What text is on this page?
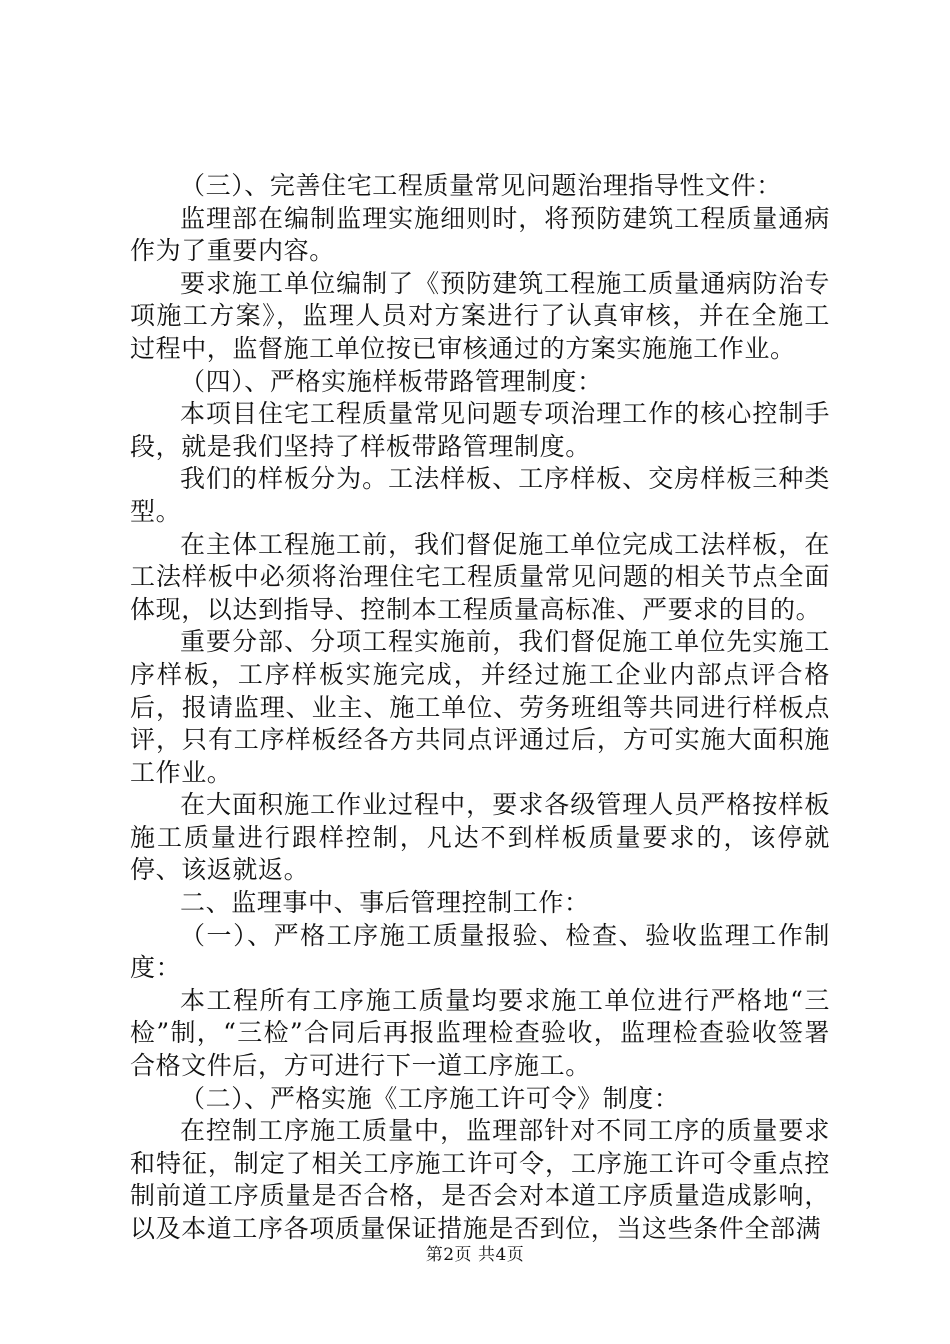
（三）、完善住宅工程质量常见问题治理指导性文件：

监理部在编制监理实施细则时，将预防建筑工程质量通病作为了重要内容。

要求施工单位编制了《预防建筑工程施工质量通病防治专项施工方案》，监理人员对方案进行了认真审核，并在全施工过程中，监督施工单位按已审核通过的方案实施施工作业。

（四）、严格实施样板带路管理制度：

本项目住宅工程质量常见问题专项治理工作的核心控制手段，就是我们坚持了样板带路管理制度。

我们的样板分为。工法样板、工序样板、交房样板三种类型。

在主体工程施工前，我们督促施工单位完成工法样板，在工法样板中必须将治理住宅工程质量常见问题的相关节点全面体现，以达到指导、控制本工程质量高标准、严要求的目的。

重要分部、分项工程实施前，我们督促施工单位先实施工序样板，工序样板实施完成，并经过施工企业内部点评合格后，报请监理、业主、施工单位、劳务班组等共同进行样板点评，只有工序样板经各方共同点评通过后，方可实施大面积施工作业。

在大面积施工作业过程中，要求各级管理人员严格按样板施工质量进行跟样控制，凡达不到样板质量要求的，该停就停、该返就返。

二、监理事中、事后管理控制工作：

（一）、严格工序施工质量报验、检查、验收监理工作制度：

本工程所有工序施工质量均要求施工单位进行严格地“三检”制，“三检”合同后再报监理检查验收，监理检查验收签署合格文件后，方可进行下一道工序施工。

（二）、严格实施《工序施工许可令》制度：

在控制工序施工质量中，监理部针对不同工序的质量要求和特征，制定了相关工序施工许可令，工序施工许可令重点控制前道工序质量是否合格，是否会对本道工序质量造成影响，以及本道工序各项质量保证措施是否到位，当这些条件全部满

第2页 共4页
